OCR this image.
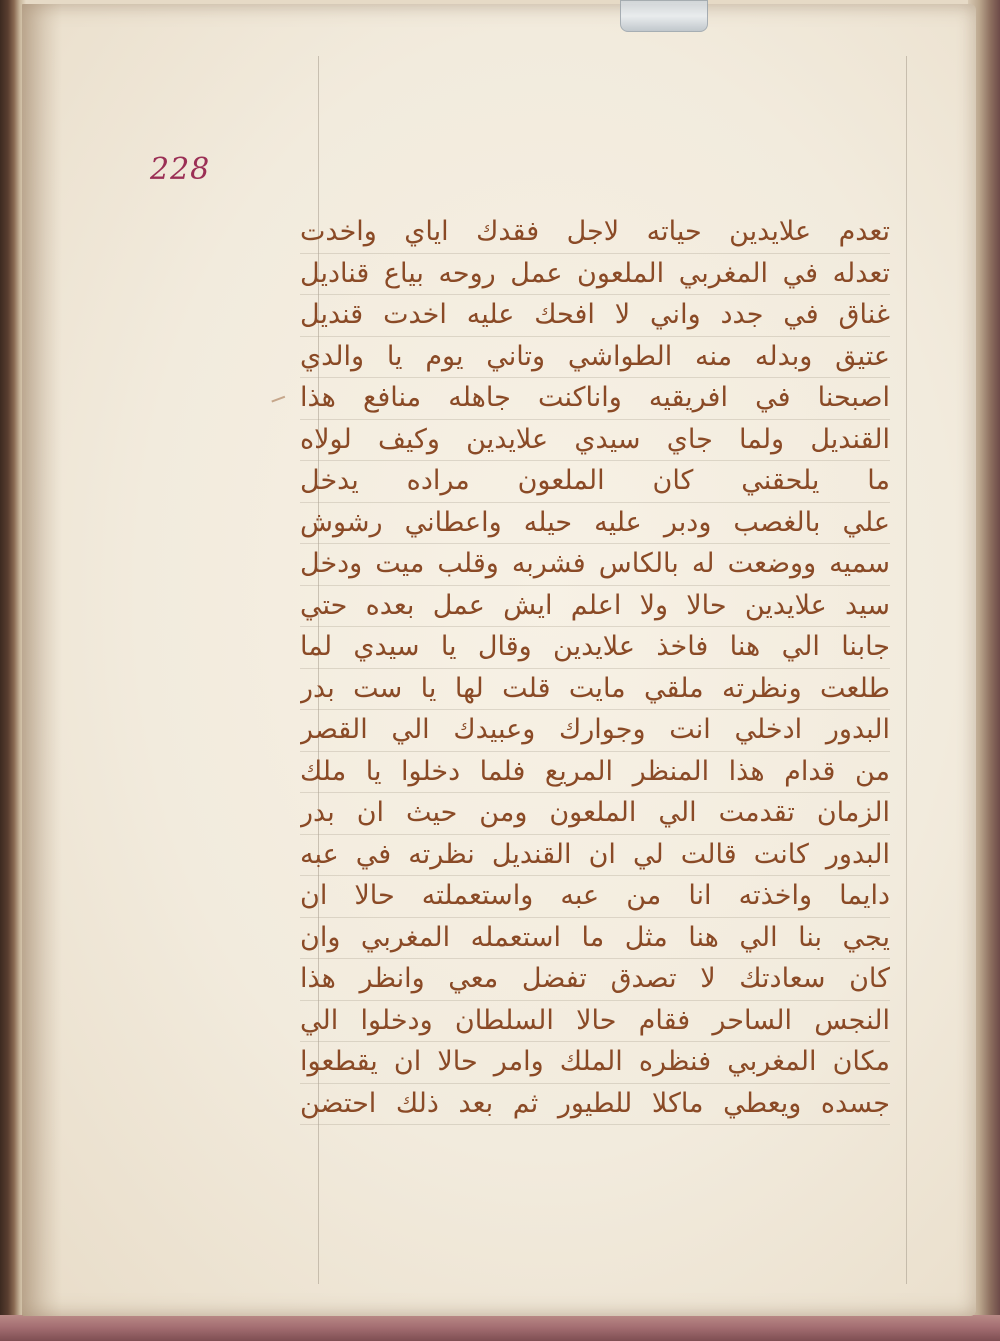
228
تعدم علايدين حياته لاجل فقدك اياي واخدت
تعدله في المغربي الملعون عمل روحه بياع قناديل
غناق في جدد واني لا افحك عليه اخدت قنديل
عتيق وبدله منه الطواشي وتاني يوم يا والدي
اصبحنا في افريقيه واناكنت جاهله منافع هذا
القنديل ولما جاي سيدي علايدين وكيف لولاه
ما يلحقني كان الملعون مراده يدخل
علي بالغصب ودبر عليه حيله واعطاني رشوش
سميه ووضعت له بالكاس فشربه وقلب ميت ودخل
سيد علايدين حالا ولا اعلم ايش عمل بعده حتي
جابنا الي هنا فاخذ علايدين وقال يا سيدي لما
طلعت ونظرته ملقي مايت قلت لها يا ست بدر
البدور ادخلي انت وجوارك وعبيدك الي القصر
من قدام هذا المنظر المريع فلما دخلوا يا ملك
الزمان تقدمت الي الملعون ومن حيث ان بدر
البدور كانت قالت لي ان القنديل نظرته في عبه
دايما واخذته انا من عبه واستعملته حالا ان
يجي بنا الي هنا مثل ما استعمله المغربي وان
كان سعادتك لا تصدق تفضل معي وانظر هذا
النجس الساحر فقام حالا السلطان ودخلوا الي
مكان المغربي فنظره الملك وامر حالا ان يقطعوا
جسده ويعطي ماكلا للطيور ثم بعد ذلك احتضن
